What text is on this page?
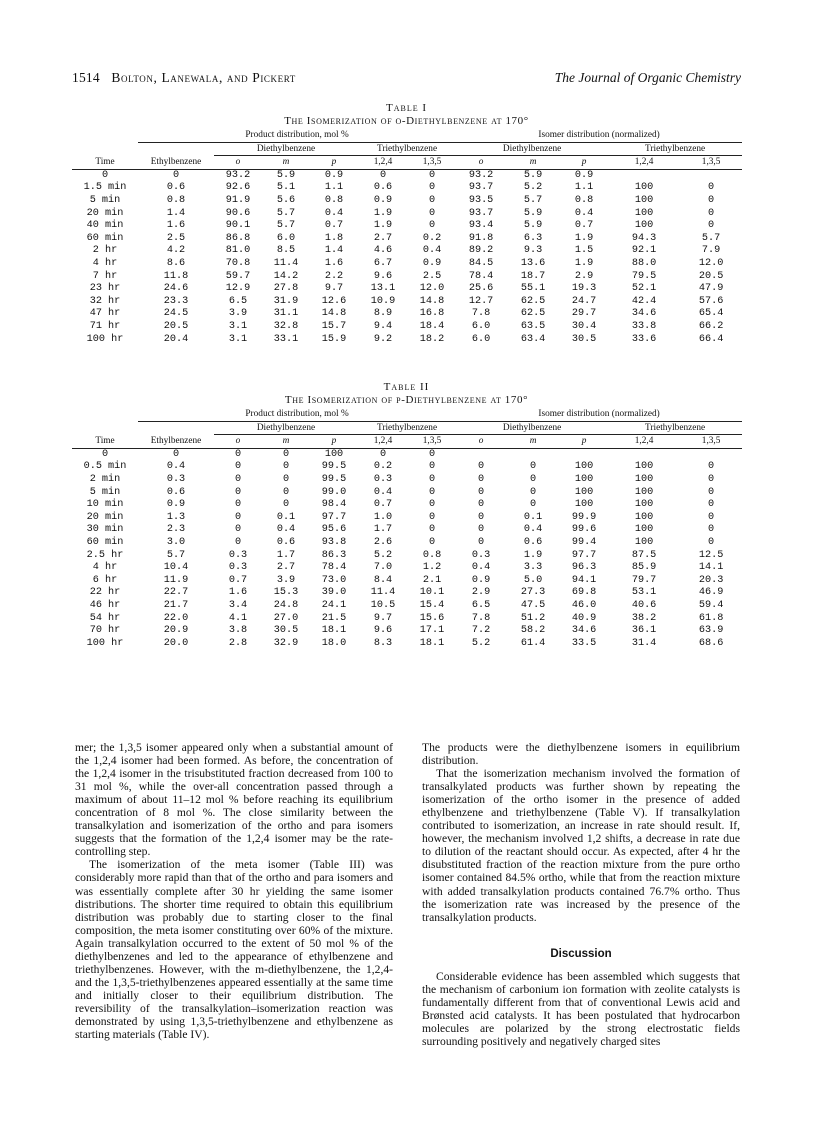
1514 Bolton, Lanewala, and Pickert	The Journal of Organic Chemistry
Table I
The Isomerization of o-Diethylbenzene at 170°
	Product distribution, mol %						Isomer distribution (normalized)				
		Diethylbenzene			Triethylbenzene		Diethylbenzene			Triethylbenzene	
Time	Ethylbenzene	o	m	p	1,2,4	1,3,5	o	m	p	1,2,4	1,3,5
0	0	93.2	5.9	0.9	0	0	93.2	5.9	0.9		
1.5 min	0.6	92.6	5.1	1.1	0.6	0	93.7	5.2	1.1	100	0
5 min	0.8	91.9	5.6	0.8	0.9	0	93.5	5.7	0.8	100	0
20 min	1.4	90.6	5.7	0.4	1.9	0	93.7	5.9	0.4	100	0
40 min	1.6	90.1	5.7	0.7	1.9	0	93.4	5.9	0.7	100	0
60 min	2.5	86.8	6.0	1.8	2.7	0.2	91.8	6.3	1.9	94.3	5.7
2 hr	4.2	81.0	8.5	1.4	4.6	0.4	89.2	9.3	1.5	92.1	7.9
4 hr	8.6	70.8	11.4	1.6	6.7	0.9	84.5	13.6	1.9	88.0	12.0
7 hr	11.8	59.7	14.2	2.2	9.6	2.5	78.4	18.7	2.9	79.5	20.5
23 hr	24.6	12.9	27.8	9.7	13.1	12.0	25.6	55.1	19.3	52.1	47.9
32 hr	23.3	6.5	31.9	12.6	10.9	14.8	12.7	62.5	24.7	42.4	57.6
47 hr	24.5	3.9	31.1	14.8	8.9	16.8	7.8	62.5	29.7	34.6	65.4
71 hr	20.5	3.1	32.8	15.7	9.4	18.4	6.0	63.5	30.4	33.8	66.2
100 hr	20.4	3.1	33.1	15.9	9.2	18.2	6.0	63.4	30.5	33.6	66.4
Table II
The Isomerization of p-Diethylbenzene at 170°
	Product distribution, mol %						Isomer distribution (normalized)				
		Diethylbenzene			Triethylbenzene		Diethylbenzene			Triethylbenzene	
Time	Ethylbenzene	o	m	p	1,2,4	1,3,5	o	m	p	1,2,4	1,3,5
0	0	0	0	100	0	0					
0.5 min	0.4	0	0	99.5	0.2	0	0	0	100	100	0
2 min	0.3	0	0	99.5	0.3	0	0	0	100	100	0
5 min	0.6	0	0	99.0	0.4	0	0	0	100	100	0
10 min	0.9	0	0	98.4	0.7	0	0	0	100	100	0
20 min	1.3	0	0.1	97.7	1.0	0	0	0.1	99.9	100	0
30 min	2.3	0	0.4	95.6	1.7	0	0	0.4	99.6	100	0
60 min	3.0	0	0.6	93.8	2.6	0	0	0.6	99.4	100	0
2.5 hr	5.7	0.3	1.7	86.3	5.2	0.8	0.3	1.9	97.7	87.5	12.5
4 hr	10.4	0.3	2.7	78.4	7.0	1.2	0.4	3.3	96.3	85.9	14.1
6 hr	11.9	0.7	3.9	73.0	8.4	2.1	0.9	5.0	94.1	79.7	20.3
22 hr	22.7	1.6	15.3	39.0	11.4	10.1	2.9	27.3	69.8	53.1	46.9
46 hr	21.7	3.4	24.8	24.1	10.5	15.4	6.5	47.5	46.0	40.6	59.4
54 hr	22.0	4.1	27.0	21.5	9.7	15.6	7.8	51.2	40.9	38.2	61.8
70 hr	20.9	3.8	30.5	18.1	9.6	17.1	7.2	58.2	34.6	36.1	63.9
100 hr	20.0	2.8	32.9	18.0	8.3	18.1	5.2	61.4	33.5	31.4	68.6

mer; the 1,3,5 isomer appeared only when a substantial amount of the 1,2,4 isomer had been formed. As before, the concentration of the 1,2,4 isomer in the trisubstituted fraction decreased from 100 to 31 mol %, while the over-all concentration passed through a maximum of about 11–12 mol % before reaching its equilibrium concentration of 8 mol %. The close similarity between the transalkylation and isomerization of the ortho and para isomers suggests that the formation of the 1,2,4 isomer may be the rate-controlling step.

The isomerization of the meta isomer (Table III) was considerably more rapid than that of the ortho and para isomers and was essentially complete after 30 hr yielding the same isomer distributions. The shorter time required to obtain this equilibrium distribution was probably due to starting closer to the final composition, the meta isomer constituting over 60% of the mixture. Again transalkylation occurred to the extent of 50 mol % of the diethylbenzenes and led to the appearance of ethylbenzene and triethylbenzenes. However, with the m-diethylbenzene, the 1,2,4- and the 1,3,5-triethylbenzenes appeared essentially at the same time and initially closer to their equilibrium distribution. The reversibility of the transalkylation–isomerization reaction was demonstrated by using 1,3,5-triethylbenzene and ethylbenzene as starting materials (Table IV).

The products were the diethylbenzene isomers in equilibrium distribution.

That the isomerization mechanism involved the formation of transalkylated products was further shown by repeating the isomerization of the ortho isomer in the presence of added ethylbenzene and triethylbenzene (Table V). If transalkylation contributed to isomerization, an increase in rate should result. If, however, the mechanism involved 1,2 shifts, a decrease in rate due to dilution of the reactant should occur. As expected, after 4 hr the disubstituted fraction of the reaction mixture from the pure ortho isomer contained 84.5% ortho, while that from the reaction mixture with added transalkylation products contained 76.7% ortho. Thus the isomerization rate was increased by the presence of the transalkylation products.

Discussion

Considerable evidence has been assembled which suggests that the mechanism of carbonium ion formation with zeolite catalysts is fundamentally different from that of conventional Lewis acid and Brønsted acid catalysts. It has been postulated that hydrocarbon molecules are polarized by the strong electrostatic fields surrounding positively and negatively charged sites
